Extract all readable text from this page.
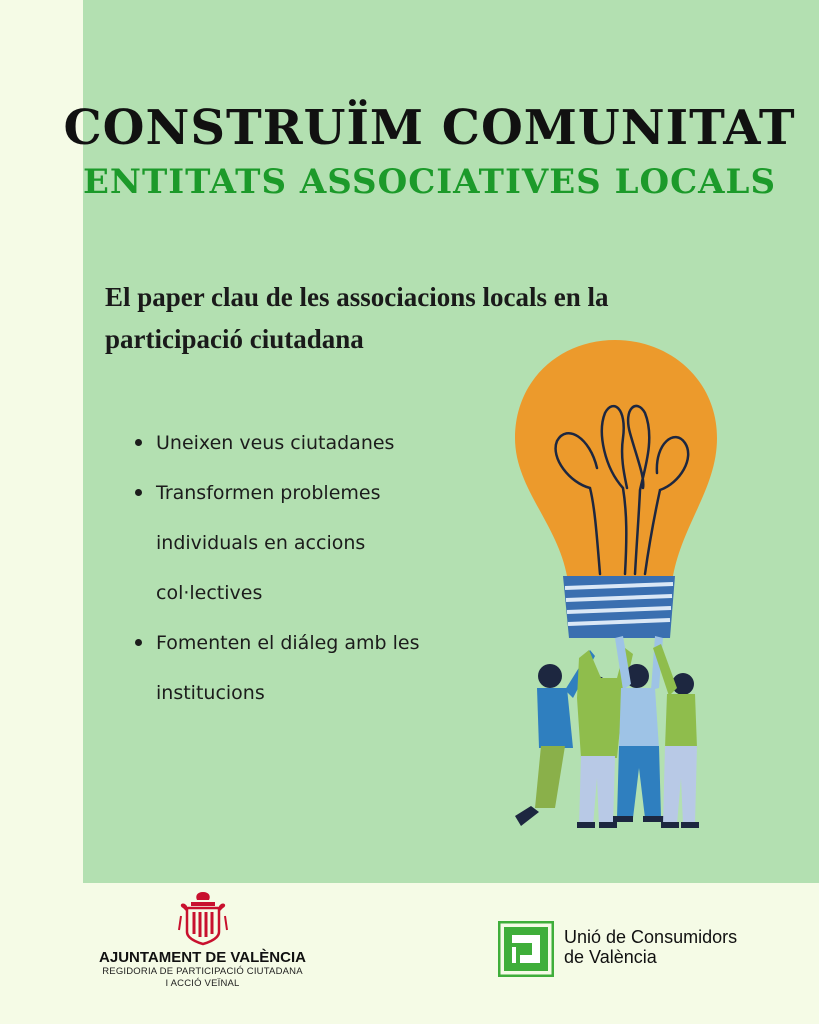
CONSTRUÏM COMUNITAT
ENTITATS ASSOCIATIVES LOCALS

El paper clau de les associacions locals en la participació ciutadana

Uneixen veus ciutadanes
Transformen problemes individuals en accions col·lectives
Fomenten el diáleg amb les institucions
AJUNTAMENT DE VALÈNCIA
REGIDORIA DE PARTICIPACIÓ CIUTADANA
I ACCIÓ VEÏNAL
Unió de Consumidors
de València
